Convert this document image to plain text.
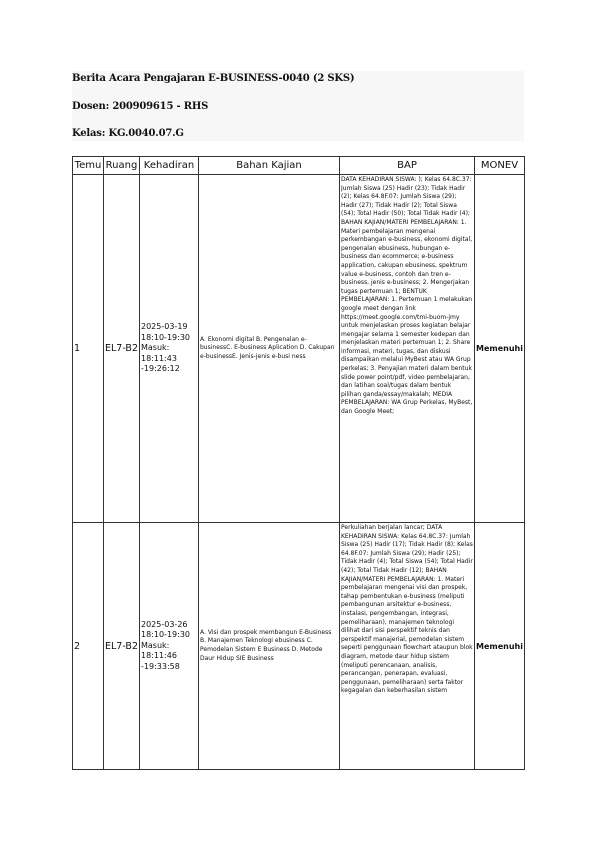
Berita Acara Pengajaran E-BUSINESS-0040 (2 SKS)
Dosen: 200909615 - RHS
Kelas: KG.0040.07.G
Temu	Ruang	Kehadiran	Bahan Kajian	BAP	MONEV
1	EL7-B2	2025-03-19 18:10-19:30 Masuk: 18:11:43 -19:26:12	A. Ekonomi digital B. Pengenalan e-businessC. E-business Aplication D. Cakupan e-businessE. Jenis-jenis e-busi ness	DATA KEHADIRAN SISWA: ); Kelas 64.8C.37: Jumlah Siswa (25) Hadir (23); Tidak Hadir (2); Kelas 64.8F.07: Jumlah Siswa (29); Hadir (27); Tidak Hadir (2); Total Siswa (54); Total Hadir (50); Total Tidak Hadir (4); BAHAN KAJIAN/MATERI PEMBELAJARAN: 1. Materi pembelajaran mengenai perkembangan e-business, ekonomi digital, pengenalan ebusiness, hubungan e-business dan ecommerce; e-business application, cakupan ebusiness, spektrum value e-business, contoh dan tren e-business, jenis e-business; 2. Mengerjakan tugas pertemuan 1; BENTUK PEMBELAJARAN: 1. Pertemuan 1 melakukan google meet dengan link https://meet.google.com/tmi-buom-jmy untuk menjelaskan proses kegiatan belajar mengajar selama 1 semester kedepan dan menjelaskan materi pertemuan 1; 2. Share informasi, materi, tugas, dan diskusi disampaikan melalui MyBest atau WA Grup perkelas; 3. Penyajian materi dalam bentuk slide power point/pdf, video pembelajaran, dan latihan soal/tugas dalam bentuk pilihan ganda/essay/makalah; MEDIA PEMBELAJARAN: WA Grup Perkelas, MyBest, dan Google Meet;	Memenuhi
2	EL7-B2	2025-03-26 18:10-19:30 Masuk: 18:11:46 -19:33:58	A. Visi dan prospek membangun E-Business B. Manajemen Teknologi ebusiness C. Pemodelan Sistem E Business D. Metode Daur Hidup SIE Business	Perkuliahan berjalan lancar; DATA KEHADIRAN SISWA: Kelas 64.8C.37: Jumlah Siswa (25) Hadir (17); Tidak Hadir (8); Kelas 64.8F.07: Jumlah Siswa (29); Hadir (25); Tidak Hadir (4); Total Siswa (54); Total Hadir (42); Total Tidak Hadir (12); BAHAN KAJIAN/MATERI PEMBELAJARAN: 1. Materi pembelajaran mengenai visi dan prospek, tahap pembentukan e-business (meliputi pembangunan arsitektur e-business, instalasi, pengembangan, integrasi, pemeliharaan), manajemen teknologi dilihat dari sisi perspektif teknis dan perspektif manajerial, pemodelan sistem seperti penggunaan flowchart ataupun blok diagram, metode daur hidup sistem (meliputi perencanaan, analisis, perancangan, penerapan, evaluasi, penggunaan, pemeliharaan) serta faktor kegagalan dan keberhasilan sistem	Memenuhi
